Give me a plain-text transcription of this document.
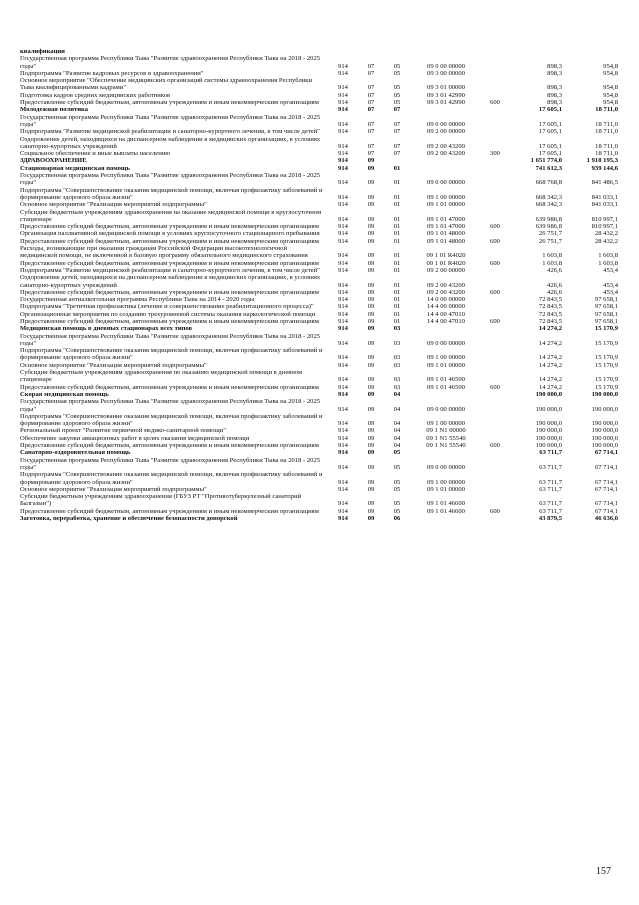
квалификации							
Государственная программа Республики Тыва "Развитие здравоохранения Республики Тыва на 2018 - 2025 годы"	914	07	05	09 0 00 00000		898,3	954,8
Подпрограмма "Развитие кадровых ресурсов в здравоохранении"	914	07	05	09 3 00 00000		898,3	954,8
Основное мероприятие "Обеспечение медицинских организаций системы здравоохранения Республики Тыва квалифицированными кадрами"	914	07	05	09 3 01 00000		898,3	954,8
Подготовка кадров средних медицинских работников	914	07	05	09 3 01 42990		898,3	954,8
Предоставление субсидий бюджетным, автономным учреждениям и иным некоммерческим организациям	914	07	05	09 3 01 42990	600	898,3	954,8
Молодежная политика	914	07	07			17 605,1	18 711,0
Государственная программа Республики Тыва "Развитие здравоохранения Республики Тыва на 2018 - 2025 годы"	914	07	07	09 0 00 00000		17 605,1	18 711,0
Подпрограмма "Развитие медицинской реабилитации и санаторно-курортного лечения, в том числе детей"	914	07	07	09 2 00 00000		17 605,1	18 711,0
Оздоровление детей, находящихся на диспансерном наблюдении в медицинских организациях, в условиях санаторно-курортных учреждений	914	07	07	09 2 00 43200		17 605,1	18 711,0
Социальное обеспечение и иные выплаты населению	914	07	07	09 2 00 43200	300	17 605,1	18 711,0
ЗДРАВООХРАНЕНИЕ	914	09				1 651 774,0	1 918 195,3
Стационарная медицинская помощь	914	09	01			741 612,3	939 144,6
Государственная программа Республики Тыва "Развитие здравоохранения Республики Тыва на 2018 - 2025 годы"	914	09	01	09 0 00 00000		668 768,8	841 486,5
Подпрограмма "Совершенствование оказания медицинской помощи, включая профилактику заболеваний и формирование здорового образа жизни"	914	09	01	09 1 00 00000		668 342,3	841 033,1
Основное мероприятие "Реализация мероприятий подпрограммы"	914	09	01	09 1 01 00000		668 342,3	841 033,1
Субсидии бюджетным учреждениям здравоохранения на оказание медицинской помощи в круглосуточном стационаре	914	09	01	09 1 01 47000		639 986,8	810 997,1
Предоставление субсидий бюджетным, автономным учреждениям и иным некоммерческим организациям	914	09	01	09 1 01 47000	600	639 986,8	810 997,1
Организация паллиативной медицинской помощи в условиях круглосуточного стационарного пребывания	914	09	01	09 1 01 48000		26 751,7	28 432,2
Предоставление субсидий бюджетным, автономным учреждениям и иным некоммерческим организациям	914	09	01	09 1 01 48000	600	26 751,7	28 432,2
Расходы, возникающие при оказании гражданам Российской Федерации высокотехнологичной медицинской помощи, не включенной в базовую программу обязательного медицинского страхования	914	09	01	09 1 01 R4020		1 603,8	1 603,8
Предоставление субсидий бюджетным, автономным учреждениям и иным некоммерческим организациям	914	09	01	09 1 01 R4020	600	1 603,8	1 603,8
Подпрограмма "Развитие медицинской реабилитации и санаторно-курортного лечения, в том числе детей"	914	09	01	09 2 00 00000		426,6	453,4
Оздоровление детей, находящихся на диспансерном наблюдении в медицинских организациях, в условиях санаторно-курортных учреждений	914	09	01	09 2 00 43200		426,6	453,4
Предоставление субсидий бюджетным, автономным учреждениям и иным некоммерческим организациям	914	09	01	09 2 00 43200	600	426,6	453,4
Государственная антиалкогольная программа Республики Тыва на 2014 - 2020 годы	914	09	01	14 0 00 00000		72 843,5	97 658,1
Подпрограмма "Третичная профилактика (лечение и совершенствование реабилитационного процесса)"	914	09	01	14 4 00 00000		72 843,5	97 658,1
Организационные мероприятия по созданию трехуровневой системы оказания наркологической помощи	914	09	01	14 4 00 47010		72 843,5	97 658,1
Предоставление субсидий бюджетным, автономным учреждениям и иным некоммерческим организациям	914	09	01	14 4 00 47010	600	72 843,5	97 658,1
Медицинская помощь в дневных стационарах всех типов	914	09	03			14 274,2	15 170,9
Государственная программа Республики Тыва "Развитие здравоохранения Республики Тыва на 2018 - 2025 годы"	914	09	03	09 0 00 00000		14 274,2	15 170,9
Подпрограмма "Совершенствование оказания медицинской помощи, включая профилактику заболеваний и формирование здорового образа жизни"	914	09	03	09 1 00 00000		14 274,2	15 170,9
Основное мероприятие "Реализация мероприятий подпрограммы"	914	09	03	09 1 01 00000		14 274,2	15 170,9
Субсидии бюджетным учреждениям здравоохранения по оказанию медицинской помощи в дневном стационаре	914	09	03	09 1 01 46500		14 274,2	15 170,9
Предоставление субсидий бюджетным, автономным учреждениям и иным некоммерческим организациям	914	09	03	09 1 01 46500	600	14 274,2	15 170,9
Скорая медицинская помощь	914	09	04			190 000,0	190 000,0
Государственная программа Республики Тыва "Развитие здравоохранения Республики Тыва на 2018 - 2025 годы"	914	09	04	09 0 00 00000		190 000,0	190 000,0
Подпрограмма "Совершенствование оказания медицинской помощи, включая профилактику заболеваний и формирование здорового образа жизни"	914	09	04	09 1 00 00000		190 000,0	190 000,0
Региональный проект "Развитие первичной медико-санитарной помощи"	914	09	04	09 1 N1 00000		190 000,0	190 000,0
Обеспечение закупки авиационных работ в целях оказания медицинской помощи	914	09	04	09 1 N1 55540		190 000,0	190 000,0
Предоставление субсидий бюджетным, автономным учреждениям и иным некоммерческим организациям	914	09	04	09 1 N1 55540	600	190 000,0	190 000,0
Санаторно-оздоровительная помощь	914	09	05			63 711,7	67 714,1
Государственная программа Республики Тыва "Развитие здравоохранения Республики Тыва на 2018 - 2025 годы"	914	09	05	09 0 00 00000		63 711,7	67 714,1
Подпрограмма "Совершенствование оказания медицинской помощи, включая профилактику заболеваний и формирование здорового образа жизни"	914	09	05	09 1 00 00000		63 711,7	67 714,1
Основное мероприятие "Реализация мероприятий подпрограммы"	914	09	05	09 1 01 00000		63 711,7	67 714,1
Субсидии бюджетным учреждениям здравоохранения (ГБУЗ РТ "Противотуберкулезный санаторий Балгазын")	914	09	05	09 1 01 46600		63 711,7	67 714,1
Предоставление субсидий бюджетным, автономным учреждениям и иным некоммерческим организациям	914	09	05	09 1 01 46600	600	63 711,7	67 714,1
Заготовка, переработка, хранение и обеспечение безопасности донорской	914	09	06			43 879,5	46 636,0
157
